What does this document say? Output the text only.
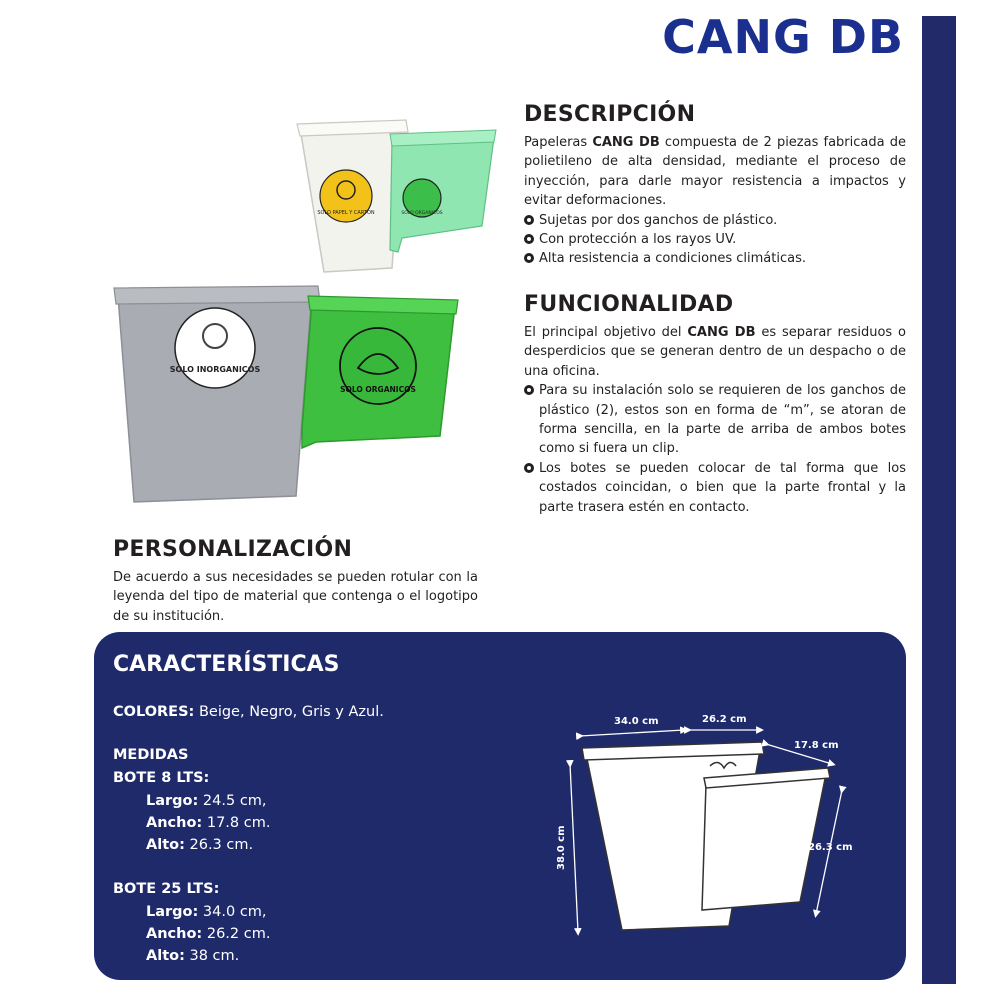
CANG DB
P
A
P
E
L
E
R
A
SOLO PAPEL Y CARTON	SOLO ORGANICOS
SOLO INORGANICOS
SOLO ORGANICOS
DESCRIPCIÓN

Papeleras CANG DB compuesta de 2 piezas fabricada de polietileno de alta densidad, mediante el proceso de inyección, para darle mayor resistencia a impactos y evitar deformaciones.

Sujetas por dos ganchos de plástico.
Con protección a los rayos UV.
Alta resistencia a condiciones climáticas.
FUNCIONALIDAD

El principal objetivo del CANG DB es separar residuos o desperdicios que se generan dentro de un despacho o de una oficina.

Para su instalación solo se requieren de los ganchos de plástico (2), estos son en forma de “m”, se atoran de forma sencilla, en la parte de arriba de ambos botes como si fuera un clip.
Los botes se pueden colocar de tal forma que los costados coincidan, o bien que la parte frontal y la parte trasera estén en contacto.
PERSONALIZACIÓN

De acuerdo a sus necesidades se pueden rotular con la leyenda del tipo de material que contenga o el logotipo de su institución.

CARACTERÍSTICAS
COLORES: Beige, Negro, Gris y Azul.
MEDIDAS
BOTE 8 LTS:
Largo: 24.5 cm,
Ancho: 17.8 cm.
Alto: 26.3 cm.
BOTE 25 LTS:
Largo: 34.0 cm,
Ancho: 26.2 cm.
Alto: 38 cm.
34.0 cm	26.2 cm
17.8 cm
38.0 cm	26.3 cm
